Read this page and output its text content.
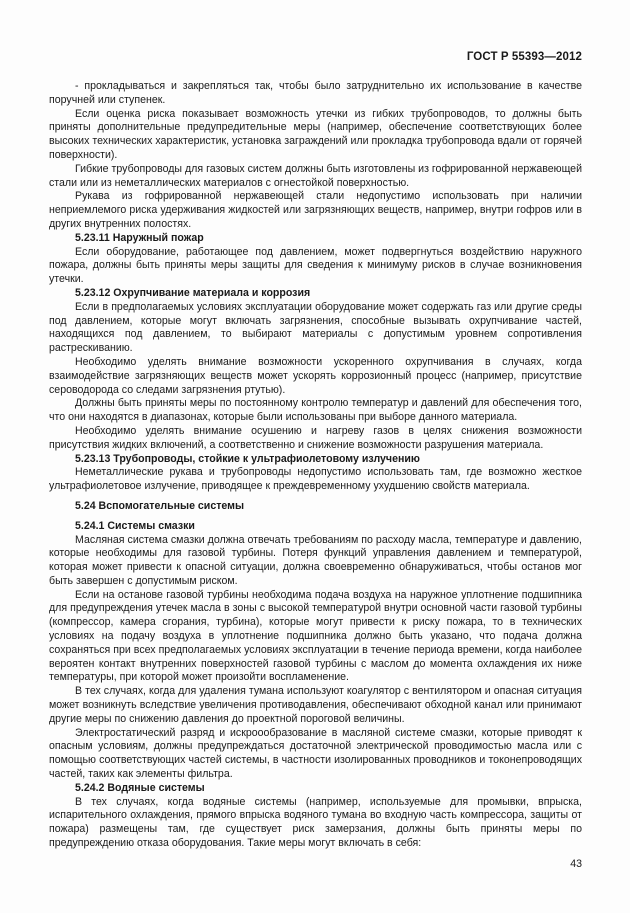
ГОСТ Р 55393—2012

- прокладываться и закрепляться так, чтобы было затруднительно их использование в качестве поручней или ступенек.

Если оценка риска показывает возможность утечки из гибких трубопроводов, то должны быть приняты дополнительные предупредительные меры (например, обеспечение соответствующих более высоких технических характеристик, установка заграждений или прокладка трубопровода вдали от горячей поверхности).

Гибкие трубопроводы для газовых систем должны быть изготовлены из гофрированной нержавеющей стали или из неметаллических материалов с огнестойкой поверхностью.

Рукава из гофрированной нержавеющей стали недопустимо использовать при наличии неприемлемого риска удерживания жидкостей или загрязняющих веществ, например, внутри гофров или в других внутренних полостях.

5.23.11 Наружный пожар

Если оборудование, работающее под давлением, может подвергнуться воздействию наружного пожара, должны быть приняты меры защиты для сведения к минимуму рисков в случае возникновения утечки.

5.23.12 Охрупчивание материала и коррозия

Если в предполагаемых условиях эксплуатации оборудование может содержать газ или другие среды под давлением, которые могут включать загрязнения, способные вызывать охрупчивание частей, находящихся под давлением, то выбирают материалы с допустимым уровнем сопротивления растрескиванию.

Необходимо уделять внимание возможности ускоренного охрупчивания в случаях, когда взаимодействие загрязняющих веществ может ускорять коррозионный процесс (например, присутствие сероводорода со следами загрязнения ртутью).

Должны быть приняты меры по постоянному контролю температур и давлений для обеспечения того, что они находятся в диапазонах, которые были использованы при выборе данного материала.

Необходимо уделять внимание осушению и нагреву газов в целях снижения возможности присутствия жидких включений, а соответственно и снижение возможности разрушения материала.

5.23.13 Трубопроводы, стойкие к ультрафиолетовому излучению

Неметаллические рукава и трубопроводы недопустимо использовать там, где возможно жесткое ультрафиолетовое излучение, приводящее к преждевременному ухудшению свойств материала.

5.24 Вспомогательные системы

5.24.1 Системы смазки

Масляная система смазки должна отвечать требованиям по расходу масла, температуре и давлению, которые необходимы для газовой турбины. Потеря функций управления давлением и температурой, которая может привести к опасной ситуации, должна своевременно обнаруживаться, чтобы останов мог быть завершен с допустимым риском.

Если на останове газовой турбины необходима подача воздуха на наружное уплотнение подшипника для предупреждения утечек масла в зоны с высокой температурой внутри основной части газовой турбины (компрессор, камера сгорания, турбина), которые могут привести к риску пожара, то в технических условиях на подачу воздуха в уплотнение подшипника должно быть указано, что подача должна сохраняться при всех предполагаемых условиях эксплуатации в течение периода времени, когда наиболее вероятен контакт внутренних поверхностей газовой турбины с маслом до момента охлаждения их ниже температуры, при которой может произойти воспламенение.

В тех случаях, когда для удаления тумана используют коагулятор с вентилятором и опасная ситуация может возникнуть вследствие увеличения противодавления, обеспечивают обходной канал или принимают другие меры по снижению давления до проектной пороговой величины.

Электростатический разряд и искроообразование в масляной системе смазки, которые приводят к опасным условиям, должны предупреждаться достаточной электрической проводимостью масла или с помощью соответствующих частей системы, в частности изолированных проводников и токонепроводящих частей, таких как элементы фильтра.

5.24.2 Водяные системы

В тех случаях, когда водяные системы (например, используемые для промывки, впрыска, испарительного охлаждения, прямого впрыска водяного тумана во входную часть компрессора, защиты от пожара) размещены там, где существует риск замерзания, должны быть приняты меры по предупреждению отказа оборудования. Такие меры могут включать в себя:

43
